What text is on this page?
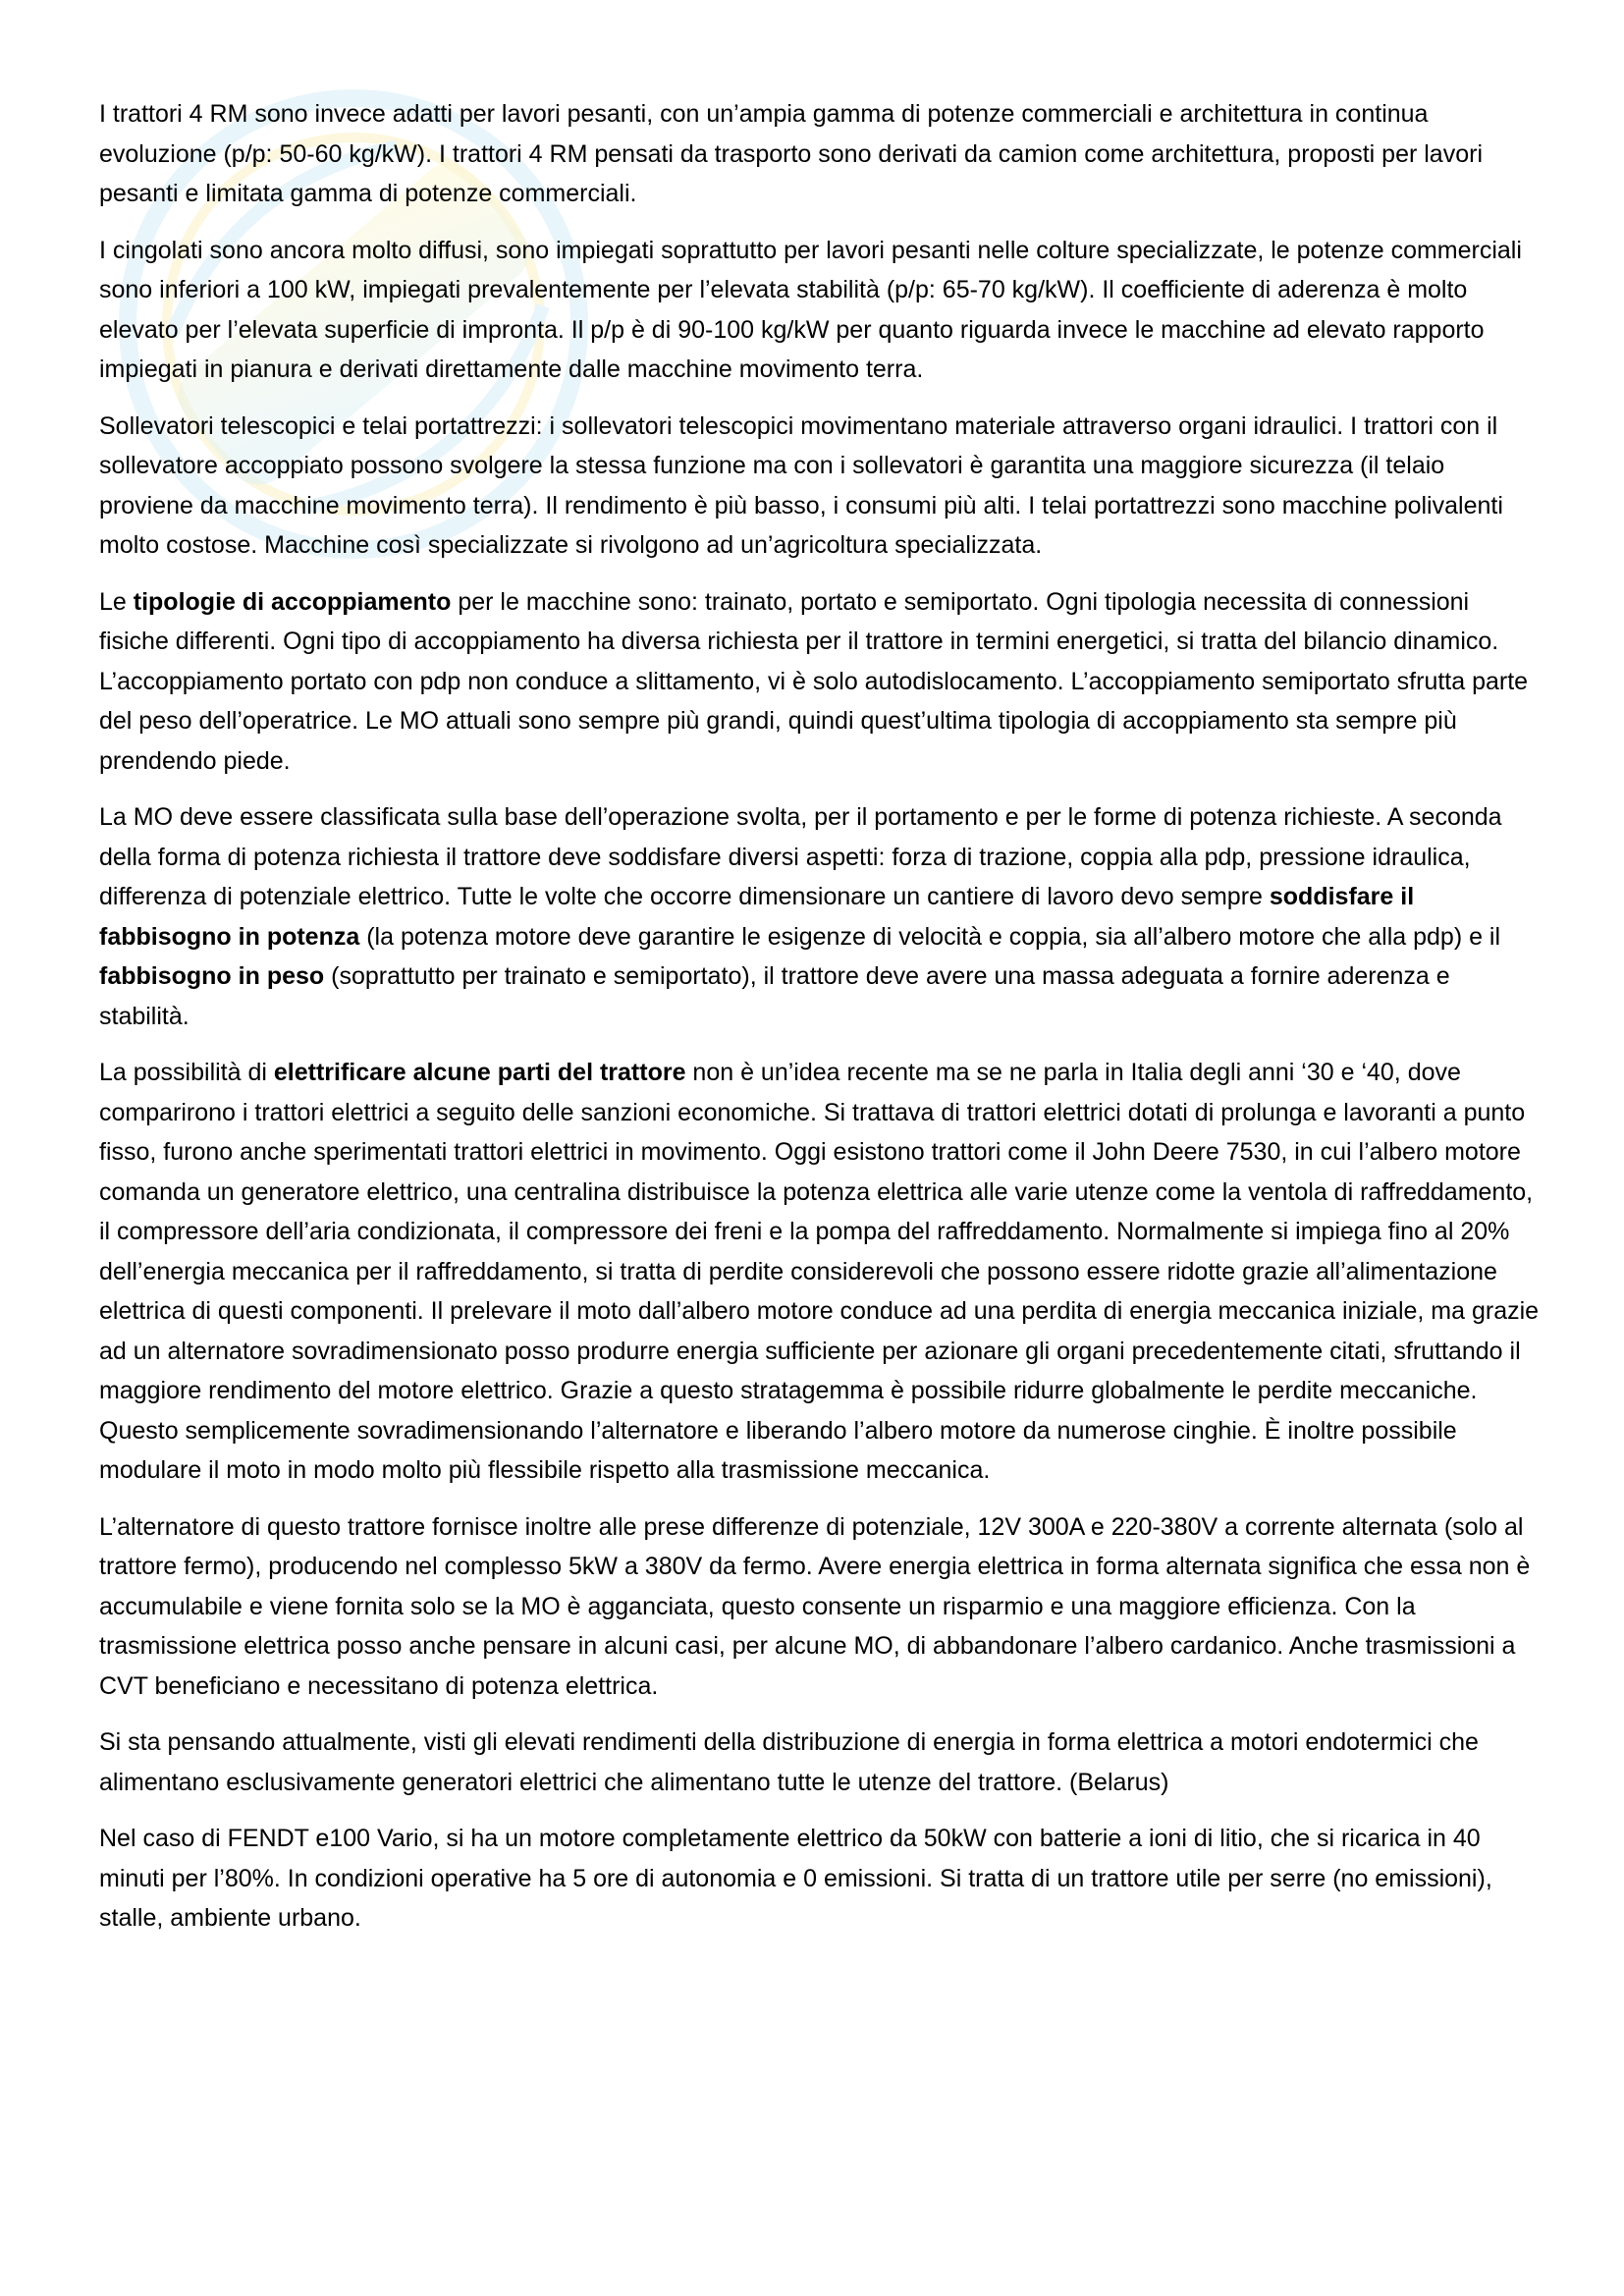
I trattori 4 RM sono invece adatti per lavori pesanti, con un’ampia gamma di potenze commerciali e architettura in continua evoluzione (p/p: 50-60 kg/kW). I trattori 4 RM pensati da trasporto sono derivati da camion come architettura, proposti per lavori pesanti e limitata gamma di potenze commerciali.

I cingolati sono ancora molto diffusi, sono impiegati soprattutto per lavori pesanti nelle colture specializzate, le potenze commerciali sono inferiori a 100 kW, impiegati prevalentemente per l’elevata stabilità (p/p: 65-70 kg/kW). Il coefficiente di aderenza è molto elevato per l’elevata superficie di impronta. Il p/p è di 90-100 kg/kW per quanto riguarda invece le macchine ad elevato rapporto impiegati in pianura e derivati direttamente dalle macchine movimento terra.

Sollevatori telescopici e telai portattrezzi: i sollevatori telescopici movimentano materiale attraverso organi idraulici. I trattori con il sollevatore accoppiato possono svolgere la stessa funzione ma con i sollevatori è garantita una maggiore sicurezza (il telaio proviene da macchine movimento terra). Il rendimento è più basso, i consumi più alti. I telai portattrezzi sono macchine polivalenti molto costose. Macchine così specializzate si rivolgono ad un’agricoltura specializzata.

Le tipologie di accoppiamento per le macchine sono: trainato, portato e semiportato. Ogni tipologia necessita di connessioni fisiche differenti. Ogni tipo di accoppiamento ha diversa richiesta per il trattore in termini energetici, si tratta del bilancio dinamico. L’accoppiamento portato con pdp non conduce a slittamento, vi è solo autodislocamento. L’accoppiamento semiportato sfrutta parte del peso dell’operatrice. Le MO attuali sono sempre più grandi, quindi quest’ultima tipologia di accoppiamento sta sempre più prendendo piede.

La MO deve essere classificata sulla base dell’operazione svolta, per il portamento e per le forme di potenza richieste. A seconda della forma di potenza richiesta il trattore deve soddisfare diversi aspetti: forza di trazione, coppia alla pdp, pressione idraulica, differenza di potenziale elettrico. Tutte le volte che occorre dimensionare un cantiere di lavoro devo sempre soddisfare il fabbisogno in potenza (la potenza motore deve garantire le esigenze di velocità e coppia, sia all’albero motore che alla pdp) e il fabbisogno in peso (soprattutto per trainato e semiportato), il trattore deve avere una massa adeguata a fornire aderenza e stabilità.

La possibilità di elettrificare alcune parti del trattore non è un’idea recente ma se ne parla in Italia degli anni ‘30 e ‘40, dove comparirono i trattori elettrici a seguito delle sanzioni economiche. Si trattava di trattori elettrici dotati di prolunga e lavoranti a punto fisso, furono anche sperimentati trattori elettrici in movimento. Oggi esistono trattori come il John Deere 7530, in cui l’albero motore comanda un generatore elettrico, una centralina distribuisce la potenza elettrica alle varie utenze come la ventola di raffreddamento, il compressore dell’aria condizionata, il compressore dei freni e la pompa del raffreddamento. Normalmente si impiega fino al 20% dell’energia meccanica per il raffreddamento, si tratta di perdite considerevoli che possono essere ridotte grazie all’alimentazione elettrica di questi componenti. Il prelevare il moto dall’albero motore conduce ad una perdita di energia meccanica iniziale, ma grazie ad un alternatore sovradimensionato posso produrre energia sufficiente per azionare gli organi precedentemente citati, sfruttando il maggiore rendimento del motore elettrico. Grazie a questo stratagemma è possibile ridurre globalmente le perdite meccaniche. Questo semplicemente sovradimensionando l’alternatore e liberando l’albero motore da numerose cinghie. È inoltre possibile modulare il moto in modo molto più flessibile rispetto alla trasmissione meccanica.

L’alternatore di questo trattore fornisce inoltre alle prese differenze di potenziale, 12V 300A e 220-380V a corrente alternata (solo al trattore fermo), producendo nel complesso 5kW a 380V da fermo. Avere energia elettrica in forma alternata significa che essa non è accumulabile e viene fornita solo se la MO è agganciata, questo consente un risparmio e una maggiore efficienza. Con la trasmissione elettrica posso anche pensare in alcuni casi, per alcune MO, di abbandonare l’albero cardanico. Anche trasmissioni a CVT beneficiano e necessitano di potenza elettrica.

Si sta pensando attualmente, visti gli elevati rendimenti della distribuzione di energia in forma elettrica a motori endotermici che alimentano esclusivamente generatori elettrici che alimentano tutte le utenze del trattore. (Belarus)

Nel caso di FENDT e100 Vario, si ha un motore completamente elettrico da 50kW con batterie a ioni di litio, che si ricarica in 40 minuti per l’80%. In condizioni operative ha 5 ore di autonomia e 0 emissioni. Si tratta di un trattore utile per serre (no emissioni), stalle, ambiente urbano.
